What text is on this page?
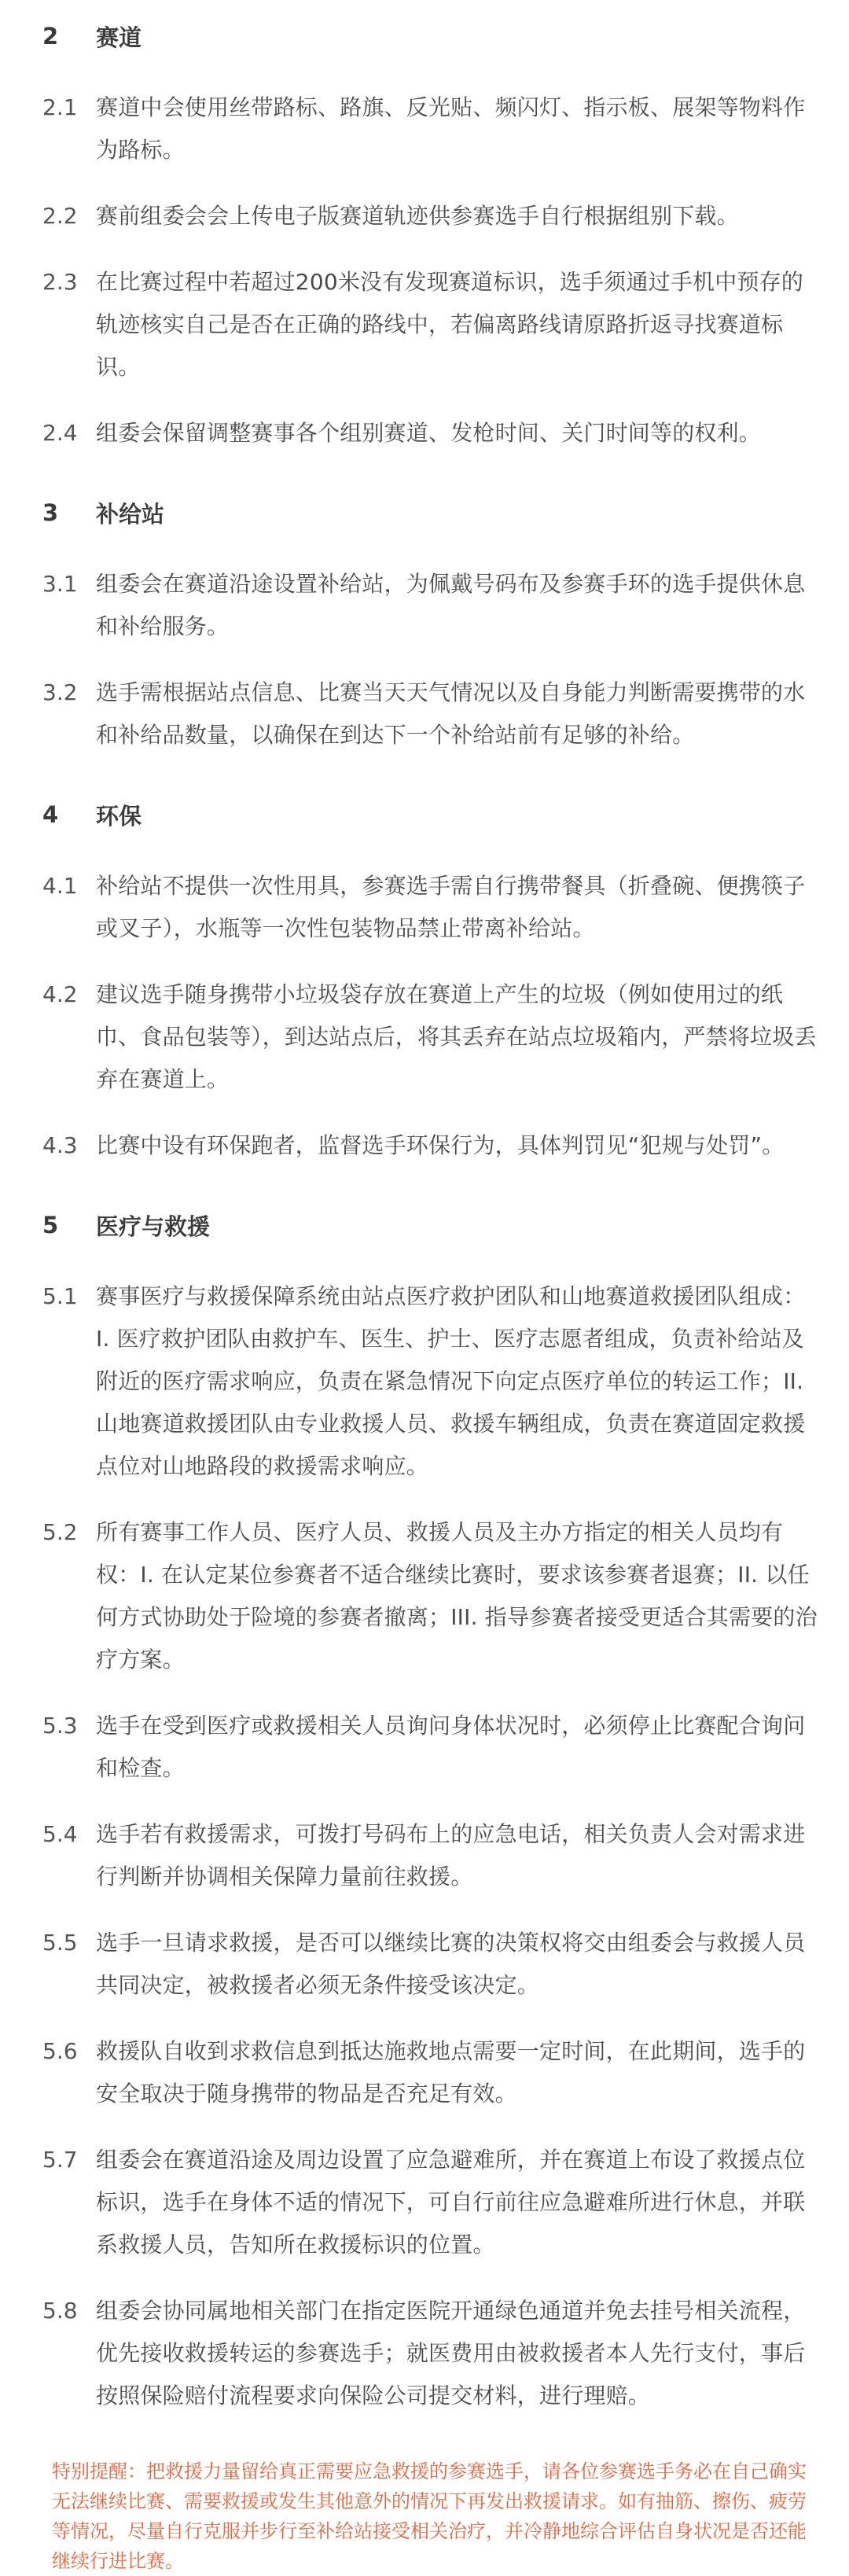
2	赛道
2.1 赛道中会使用丝带路标、路旗、反光贴、频闪灯、指示板、展架等物料作为路标。
2.2 赛前组委会会上传电子版赛道轨迹供参赛选手自行根据组别下载。
2.3 在比赛过程中若超过200米没有发现赛道标识，选手须通过手机中预存的轨迹核实自己是否在正确的路线中，若偏离路线请原路折返寻找赛道标识。
2.4 组委会保留调整赛事各个组别赛道、发枪时间、关门时间等的权利。
3	补给站
3.1 组委会在赛道沿途设置补给站，为佩戴号码布及参赛手环的选手提供休息和补给服务。
3.2 选手需根据站点信息、比赛当天天气情况以及自身能力判断需要携带的水和补给品数量，以确保在到达下一个补给站前有足够的补给。
4	环保
4.1 补给站不提供一次性用具，参赛选手需自行携带餐具（折叠碗、便携筷子或叉子），水瓶等一次性包装物品禁止带离补给站。
4.2 建议选手随身携带小垃圾袋存放在赛道上产生的垃圾（例如使用过的纸巾、食品包装等），到达站点后，将其丢弃在站点垃圾箱内，严禁将垃圾丢弃在赛道上。
4.3 比赛中设有环保跑者，监督选手环保行为，具体判罚见“犯规与处罚”。
5	医疗与救援
5.1 赛事医疗与救援保障系统由站点医疗救护团队和山地赛道救援团队组成：I. 医疗救护团队由救护车、医生、护士、医疗志愿者组成，负责补给站及附近的医疗需求响应，负责在紧急情况下向定点医疗单位的转运工作；II. 山地赛道救援团队由专业救援人员、救援车辆组成，负责在赛道固定救援点位对山地路段的救援需求响应。
5.2 所有赛事工作人员、医疗人员、救援人员及主办方指定的相关人员均有权：I. 在认定某位参赛者不适合继续比赛时，要求该参赛者退赛；II. 以任何方式协助处于险境的参赛者撤离；III. 指导参赛者接受更适合其需要的治疗方案。
5.3 选手在受到医疗或救援相关人员询问身体状况时，必须停止比赛配合询问和检查。
5.4 选手若有救援需求，可拨打号码布上的应急电话，相关负责人会对需求进行判断并协调相关保障力量前往救援。
5.5 选手一旦请求救援，是否可以继续比赛的决策权将交由组委会与救援人员共同决定，被救援者必须无条件接受该决定。
5.6 救援队自收到求救信息到抵达施救地点需要一定时间，在此期间，选手的安全取决于随身携带的物品是否充足有效。
5.7 组委会在赛道沿途及周边设置了应急避难所，并在赛道上布设了救援点位标识，选手在身体不适的情况下，可自行前往应急避难所进行休息，并联系救援人员，告知所在救援标识的位置。
5.8 组委会协同属地相关部门在指定医院开通绿色通道并免去挂号相关流程，优先接收救援转运的参赛选手；就医费用由被救援者本人先行支付，事后按照保险赔付流程要求向保险公司提交材料，进行理赔。
特别提醒：把救援力量留给真正需要应急救援的参赛选手，请各位参赛选手务必在自己确实无法继续比赛、需要救援或发生其他意外的情况下再发出救援请求。如有抽筋、擦伤、疲劳等情况，尽量自行克服并步行至补给站接受相关治疗，并冷静地综合评估自身状况是否还能继续行进比赛。
